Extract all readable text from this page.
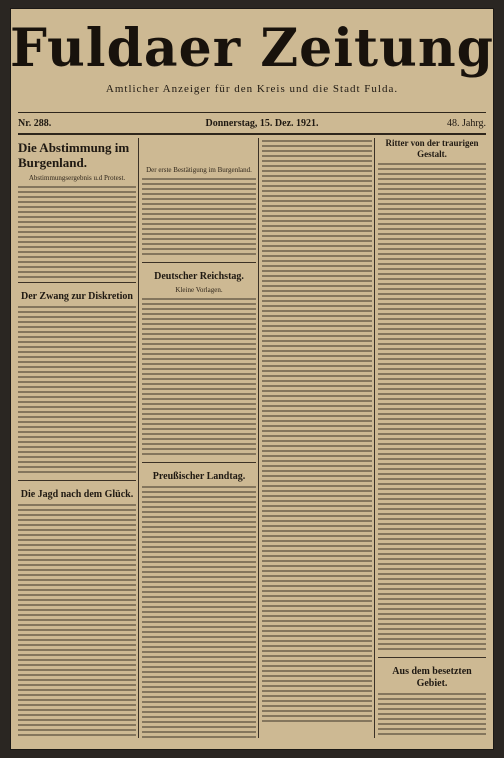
Fuldaer Zeitung
Amtlicher Anzeiger für den Kreis und die Stadt Fulda.
Nr. 288.	Donnerstag, 15. Dez. 1921.	48. Jahrg.
Die Abstimmung im Burgenland.
Abstimmungsergebnis u.d Protest.
Der Zwang zur Diskretion
Die Jagd nach dem Glück.
Der erste Bestätigung im Burgenland.
Deutscher Reichstag.
Kleine Vorlagen.
Preußischer Landtag.
Ritter von der traurigen Gestalt.
Aus dem besetzten Gebiet.
